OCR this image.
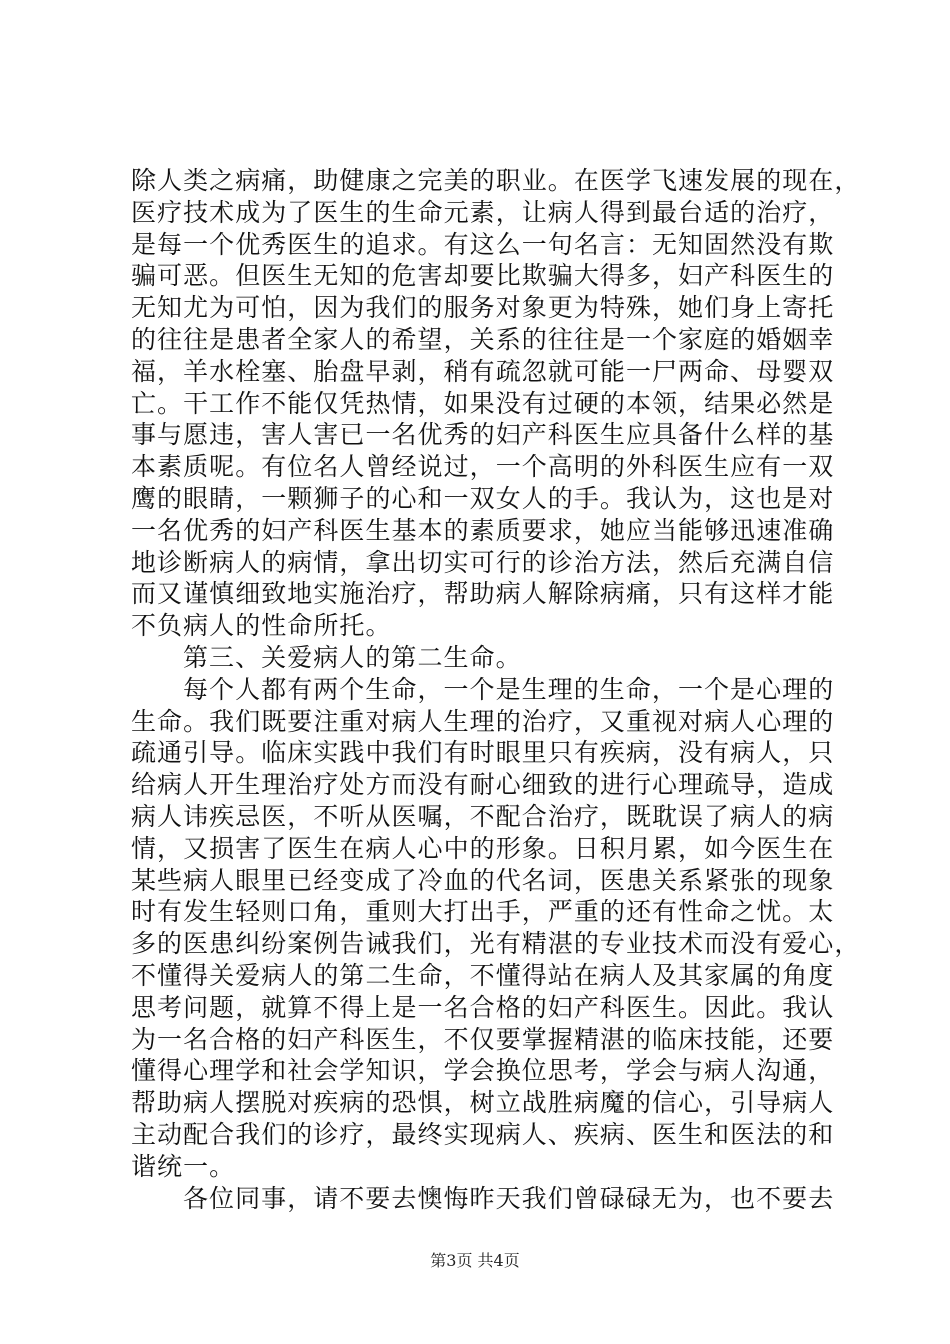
除人类之病痛，助健康之完美的职业。在医学飞速发展的现在，
医疗技术成为了医生的生命元素，让病人得到最台适的治疗，
是每一个优秀医生的追求。有这么一句名言：无知固然没有欺
骗可恶。但医生无知的危害却要比欺骗大得多，妇产科医生的
无知尤为可怕，因为我们的服务对象更为特殊，她们身上寄托
的往往是患者全家人的希望，关系的往往是一个家庭的婚姻幸
福，羊水栓塞、胎盘早剥，稍有疏忽就可能一尸两命、母婴双
亡。干工作不能仅凭热情，如果没有过硬的本领，结果必然是
事与愿违，害人害已一名优秀的妇产科医生应具备什么样的基
本素质呢。有位名人曾经说过，一个高明的外科医生应有一双
鹰的眼睛，一颗狮子的心和一双女人的手。我认为，这也是对
一名优秀的妇产科医生基本的素质要求，她应当能够迅速准确
地诊断病人的病情，拿出切实可行的诊治方法，然后充满自信
而又谨慎细致地实施治疗，帮助病人解除病痛，只有这样才能
不负病人的性命所托。
第三、关爱病人的第二生命。
每个人都有两个生命，一个是生理的生命，一个是心理的
生命。我们既要注重对病人生理的治疗，又重视对病人心理的
疏通引导。临床实践中我们有时眼里只有疾病，没有病人，只
给病人开生理治疗处方而没有耐心细致的进行心理疏导，造成
病人讳疾忌医，不听从医嘱，不配合治疗，既耽误了病人的病
情，又损害了医生在病人心中的形象。日积月累，如今医生在
某些病人眼里已经变成了冷血的代名词，医患关系紧张的现象
时有发生轻则口角，重则大打出手，严重的还有性命之忧。太
多的医患纠纷案例告诫我们，光有精湛的专业技术而没有爱心，
不懂得关爱病人的第二生命，不懂得站在病人及其家属的角度
思考问题，就算不得上是一名合格的妇产科医生。因此。我认
为一名合格的妇产科医生，不仅要掌握精湛的临床技能，还要
懂得心理学和社会学知识，学会换位思考，学会与病人沟通，
帮助病人摆脱对疾病的恐惧，树立战胜病魔的信心，引导病人
主动配合我们的诊疗，最终实现病人、疾病、医生和医法的和
谐统一。
各位同事，请不要去懊悔昨天我们曾碌碌无为，也不要去
第3页 共4页
